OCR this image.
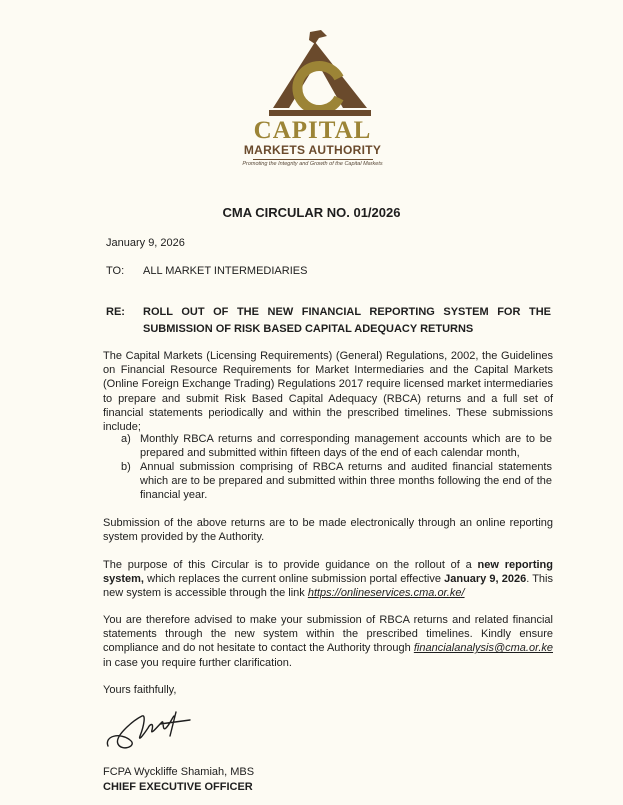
CAPITAL
MARKETS AUTHORITY
Promoting the Integrity and Growth of the Capital Markets
CMA CIRCULAR NO. 01/2026
January 9, 2026
TO: ALL MARKET INTERMEDIARIES
RE: ROLL OUT OF THE NEW FINANCIAL REPORTING SYSTEM FOR THE
SUBMISSION OF RISK BASED CAPITAL ADEQUACY RETURNS

The Capital Markets (Licensing Requirements) (General) Regulations, 2002, the Guidelines on Financial Resource Requirements for Market Intermediaries and the Capital Markets (Online Foreign Exchange Trading) Regulations 2017 require licensed market intermediaries to prepare and submit Risk Based Capital Adequacy (RBCA) returns and a full set of financial statements periodically and within the prescribed timelines. These submissions include;

a) Monthly RBCA returns and corresponding management accounts which are to be prepared and submitted within fifteen days of the end of each calendar month,

b) Annual submission comprising of RBCA returns and audited financial statements which are to be prepared and submitted within three months following the end of the financial year.

Submission of the above returns are to be made electronically through an online reporting system provided by the Authority.

The purpose of this Circular is to provide guidance on the rollout of a new reporting system, which replaces the current online submission portal effective January 9, 2026. This new system is accessible through the link https://onlineservices.cma.or.ke/

You are therefore advised to make your submission of RBCA returns and related financial statements through the new system within the prescribed timelines. Kindly ensure compliance and do not hesitate to contact the Authority through financialanalysis@cma.or.ke in case you require further clarification.

Yours faithfully,
FCPA Wyckliffe Shamiah, MBS
CHIEF EXECUTIVE OFFICER
